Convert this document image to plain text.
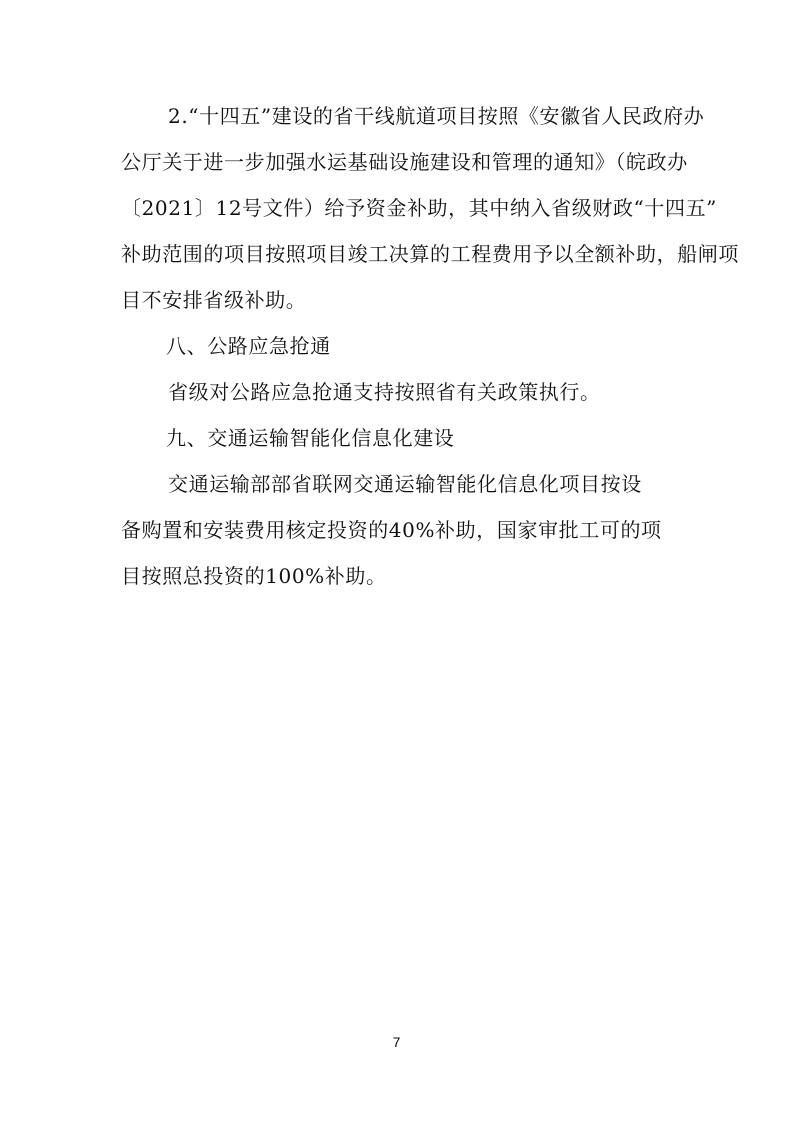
2.“十四五”建设的省干线航道项目按照《安徽省人民政府办
公厅关于进一步加强水运基础设施建设和管理的通知》（皖政办
〔2021〕12号文件）给予资金补助，其中纳入省级财政“十四五”
补助范围的项目按照项目竣工决算的工程费用予以全额补助，船闸项
目不安排省级补助。
八、公路应急抢通
省级对公路应急抢通支持按照省有关政策执行。
九、交通运输智能化信息化建设
交通运输部部省联网交通运输智能化信息化项目按设
备购置和安装费用核定投资的40%补助，国家审批工可的项
目按照总投资的100%补助。
7
